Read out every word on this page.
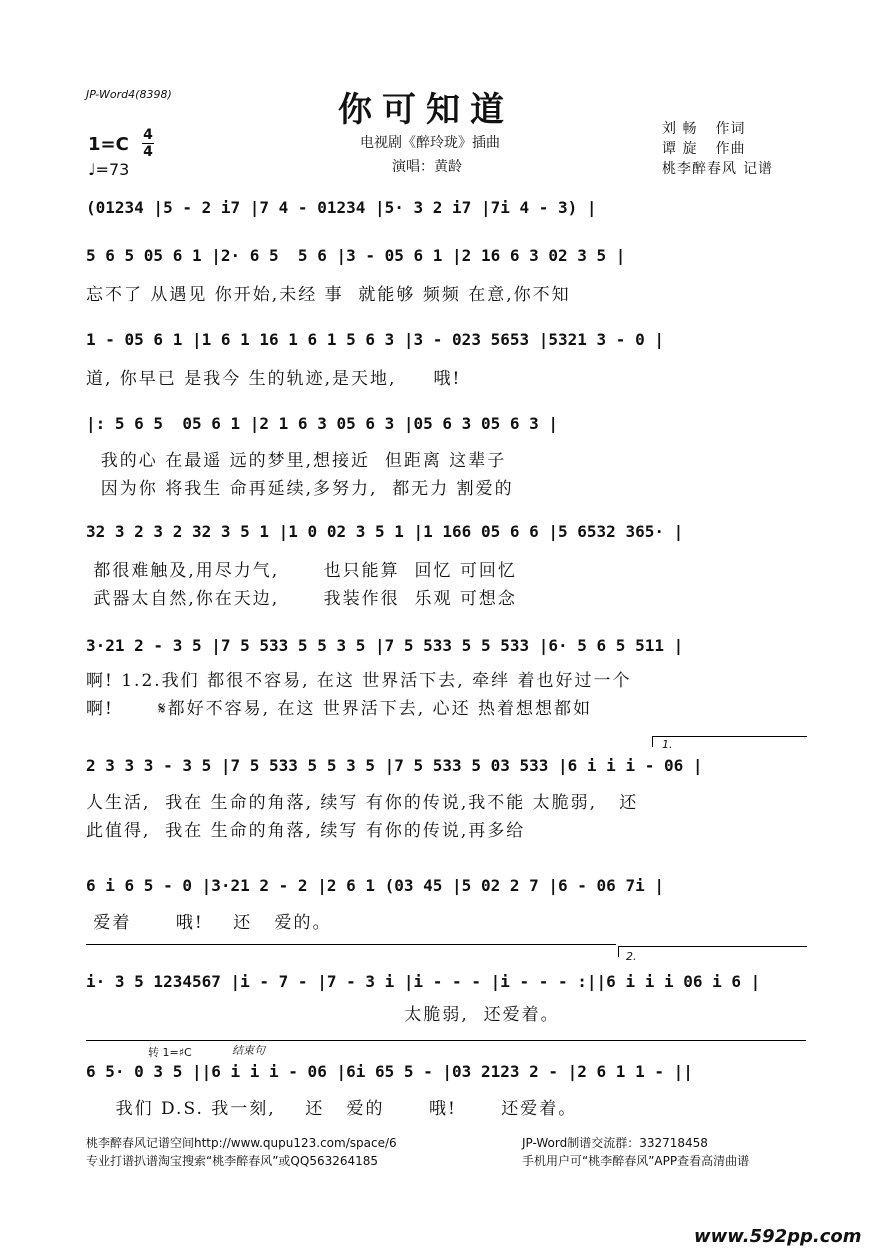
JP-Word4(8398)	你可知道
电视剧《醉玲珑》插曲
演唱：黄龄
1=C 4
4
♩=73
刘 畅 作词
谭 旋 作曲
桃李醉春风 记谱
(01234 |5 - 2 i7 |7 4 - 01234 |5· 3 2 i7 |7i 4 - 3) |
5 6 5 05 6 1 |2· 6 5  5 6 |3 - 05 6 1 |2 16 6 3 02 3 5 |
忘不了 从遇见 你开始,未经 事  就能够 频频 在意,你不知
1 - 05 6 1 |1 6 1 16 1 6 1 5 6 3 |3 - 023 5653 |5321 3 - 0 |
道, 你早已 是我今 生的轨迹,是天地,     哦!
|: 5 6 5  05 6 1 |2 1 6 3 05 6 3 |05 6 3 05 6 3 |
我的心 在最遥 远的梦里,想接近  但距离 这辈子
因为你 将我生 命再延续,多努力,  都无力 割爱的
32 3 2 3 2 32 3 5 1 |1 0 02 3 5 1 |1 166 05 6 6 |5 6532 365· |
都很难触及,用尽力气,      也只能算  回忆 可回忆
武器太自然,你在天边,      我装作很  乐观 可想念
3·21 2 - 3 5 |7 5 533 5 5 3 5 |7 5 533 5 5 533 |6· 5 6 5 511 |
啊! 1.2.我们 都很不容易, 在这 世界活下去, 牵绊 着也好过一个
啊!      𝄋都好不容易, 在这 世界活下去, 心还 热着想想都如
1.
2 3 3 3 - 3 5 |7 5 533 5 5 3 5 |7 5 533 5 03 533 |6 i i i - 06 |
人生活,  我在 生命的角落, 续写 有你的传说,我不能 太脆弱,   还
此值得,  我在 生命的角落, 续写 有你的传说,再多给
6 i 6 5 - 0 |3·21 2 - 2 |2 6 1 (03 45 |5 02 2 7 |6 - 06 7i |
爱着      哦!    还   爱的。
2.
i· 3 5 1234567 |i - 7 - |7 - 3 i |i - - - |i - - - :||6 i i i 06 i 6 |
太脆弱,  还爱着。
转 1=♯C	结束句
6 5· 0 3 5 ||6 i i i - 06 |6i 65 5 - |03 2123 2 - |2 6 1 1 - ||
我们 D.S. 我一刻,    还   爱的      哦!      还爱着。
桃李醉春风记谱空间http://www.qupu123.com/space/6
专业打谱扒谱淘宝搜索“桃李醉春风”或QQ563264185
JP-Word制谱交流群：332718458
手机用户可“桃李醉春风”APP查看高清曲谱
www.592pp.com
